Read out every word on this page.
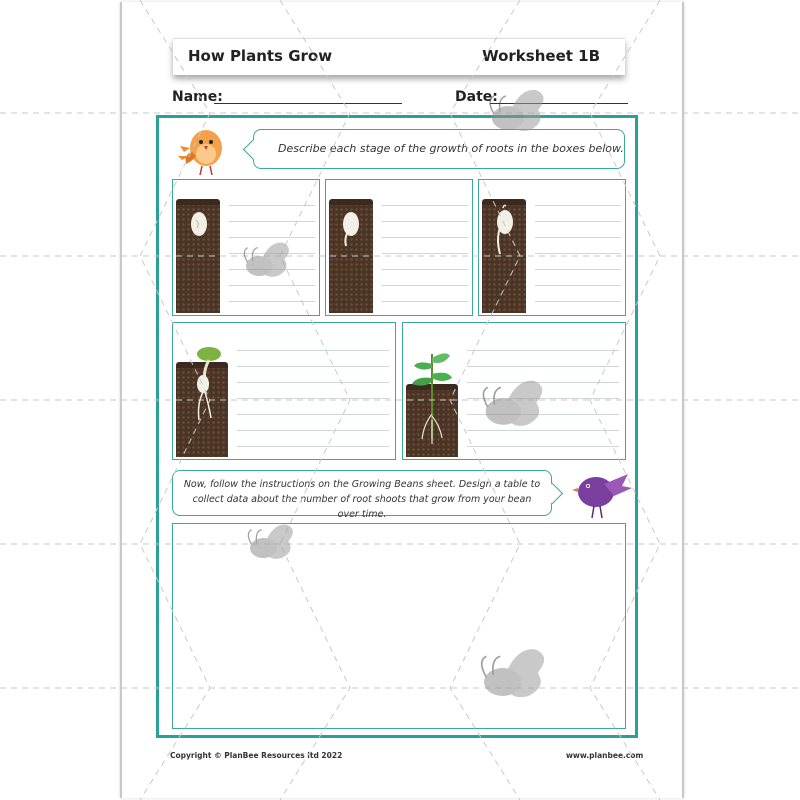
How Plants Grow	Worksheet 1B
Name:	Date:
Describe each stage of the growth of roots in the boxes below.
Now, follow the instructions on the Growing Beans sheet. Design a table to collect data about the number of root shoots that grow from your bean over time.
Copyright © PlanBee Resources ltd 2022	www.planbee.com
